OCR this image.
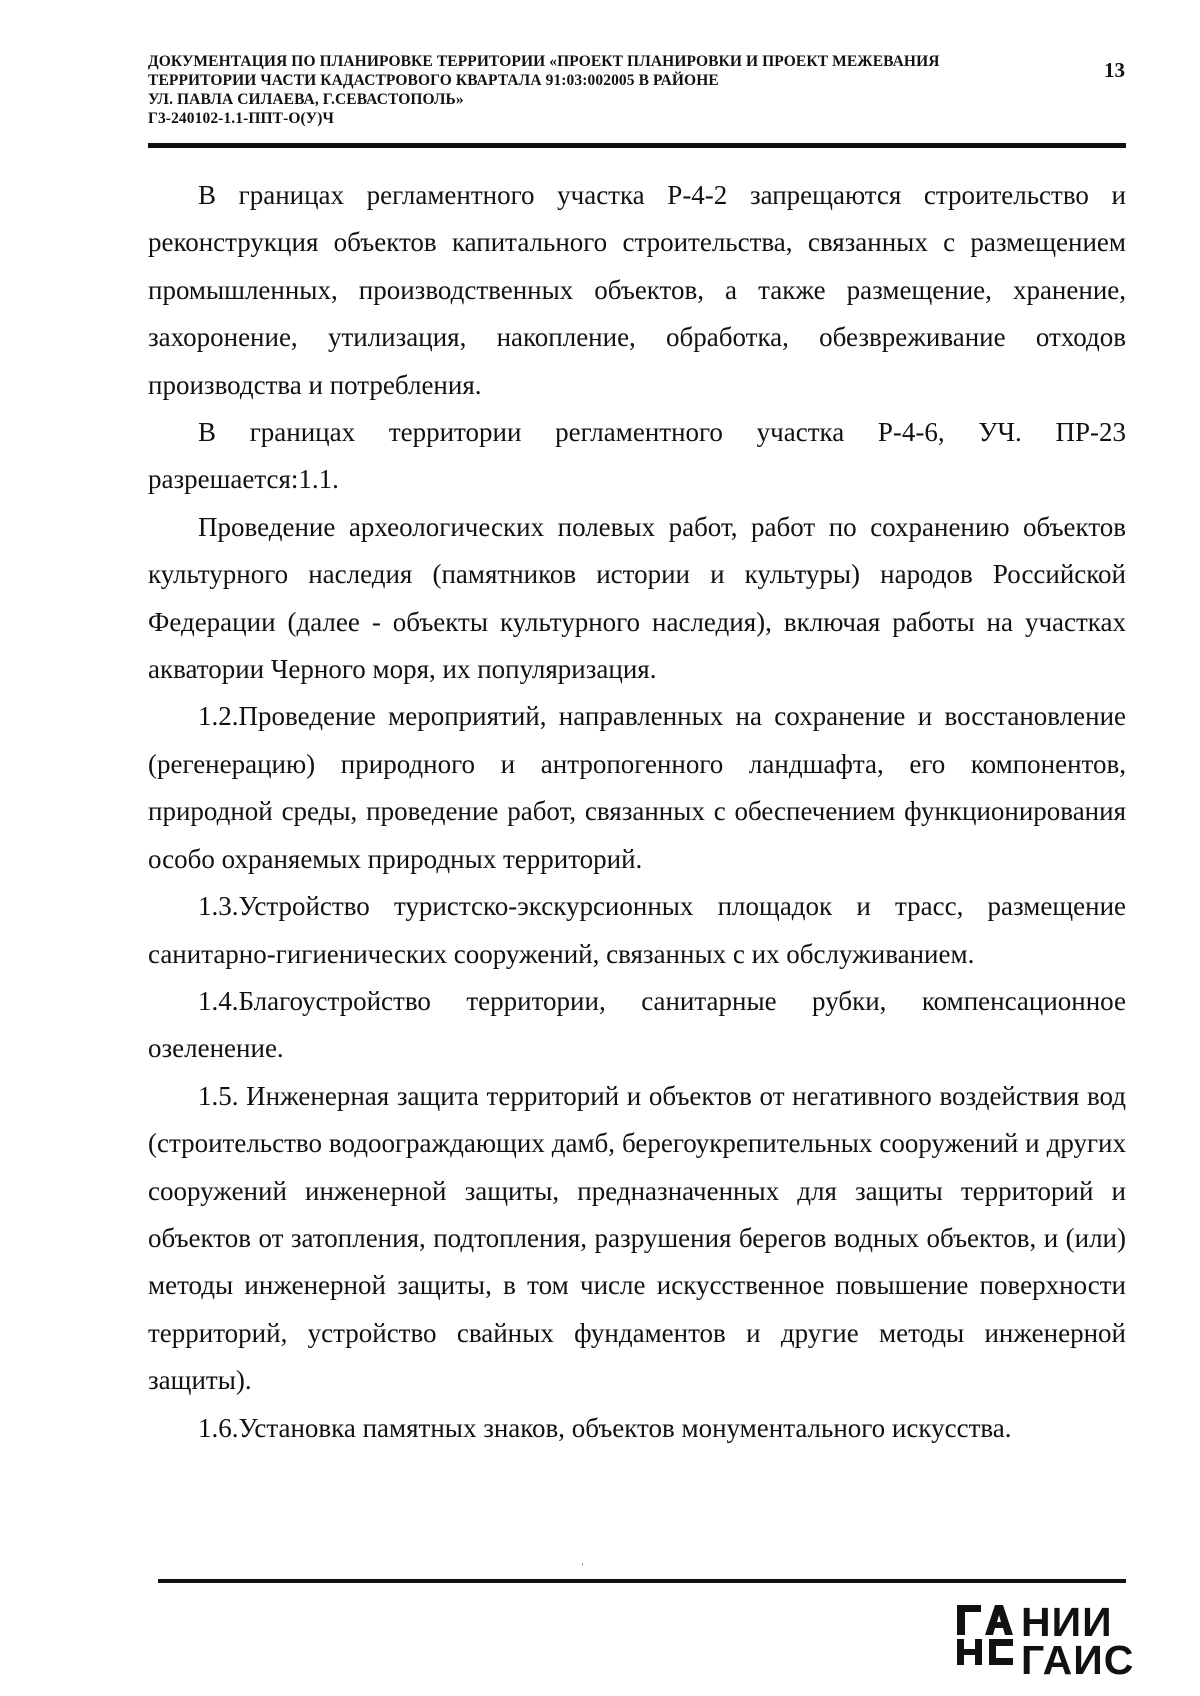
ДОКУМЕНТАЦИЯ ПО ПЛАНИРОВКЕ ТЕРРИТОРИИ «ПРОЕКТ ПЛАНИРОВКИ И ПРОЕКТ МЕЖЕВАНИЯ
ТЕРРИТОРИИ ЧАСТИ КАДАСТРОВОГО КВАРТАЛА 91:03:002005 В РАЙОНЕ
УЛ. ПАВЛА СИЛАЕВА, Г.СЕВАСТОПОЛЬ»
Г3-240102-1.1-ППТ-О(У)Ч
13

В границах регламентного участка Р-4-2 запрещаются строительство и реконструкция объектов капитального строительства, связанных с размещением промышленных, производственных объектов, а также размещение, хранение, захоронение, утилизация, накопление, обработка, обезвреживание отходов производства и потребления.

В границах территории регламентного участка Р-4-6, УЧ. ПР-23 разрешается:1.1.

Проведение археологических полевых работ, работ по сохранению объектов культурного наследия (памятников истории и культуры) народов Российской Федерации (далее - объекты культурного наследия), включая работы на участках акватории Черного моря, их популяризация.

1.2.Проведение мероприятий, направленных на сохранение и восстановление (регенерацию) природного и антропогенного ландшафта, его компонентов, природной среды, проведение работ, связанных с обеспечением функционирования особо охраняемых природных территорий.

1.3.Устройство туристско-экскурсионных площадок и трасс, размещение санитарно-гигиенических сооружений, связанных с их обслуживанием.

1.4.Благоустройство территории, санитарные рубки, компенсационное озеленение.

1.5. Инженерная защита территорий и объектов от негативного воздействия вод (строительство водоограждающих дамб, берегоукрепительных сооружений и других сооружений инженерной защиты, предназначенных для защиты территорий и объектов от затопления, подтопления, разрушения берегов водных объектов, и (или) методы инженерной защиты, в том числе искусственное повышение поверхности территорий, устройство свайных фундаментов и другие методы инженерной защиты).

1.6.Установка памятных знаков, объектов монументального искусства.

НИИ
ГАИС
